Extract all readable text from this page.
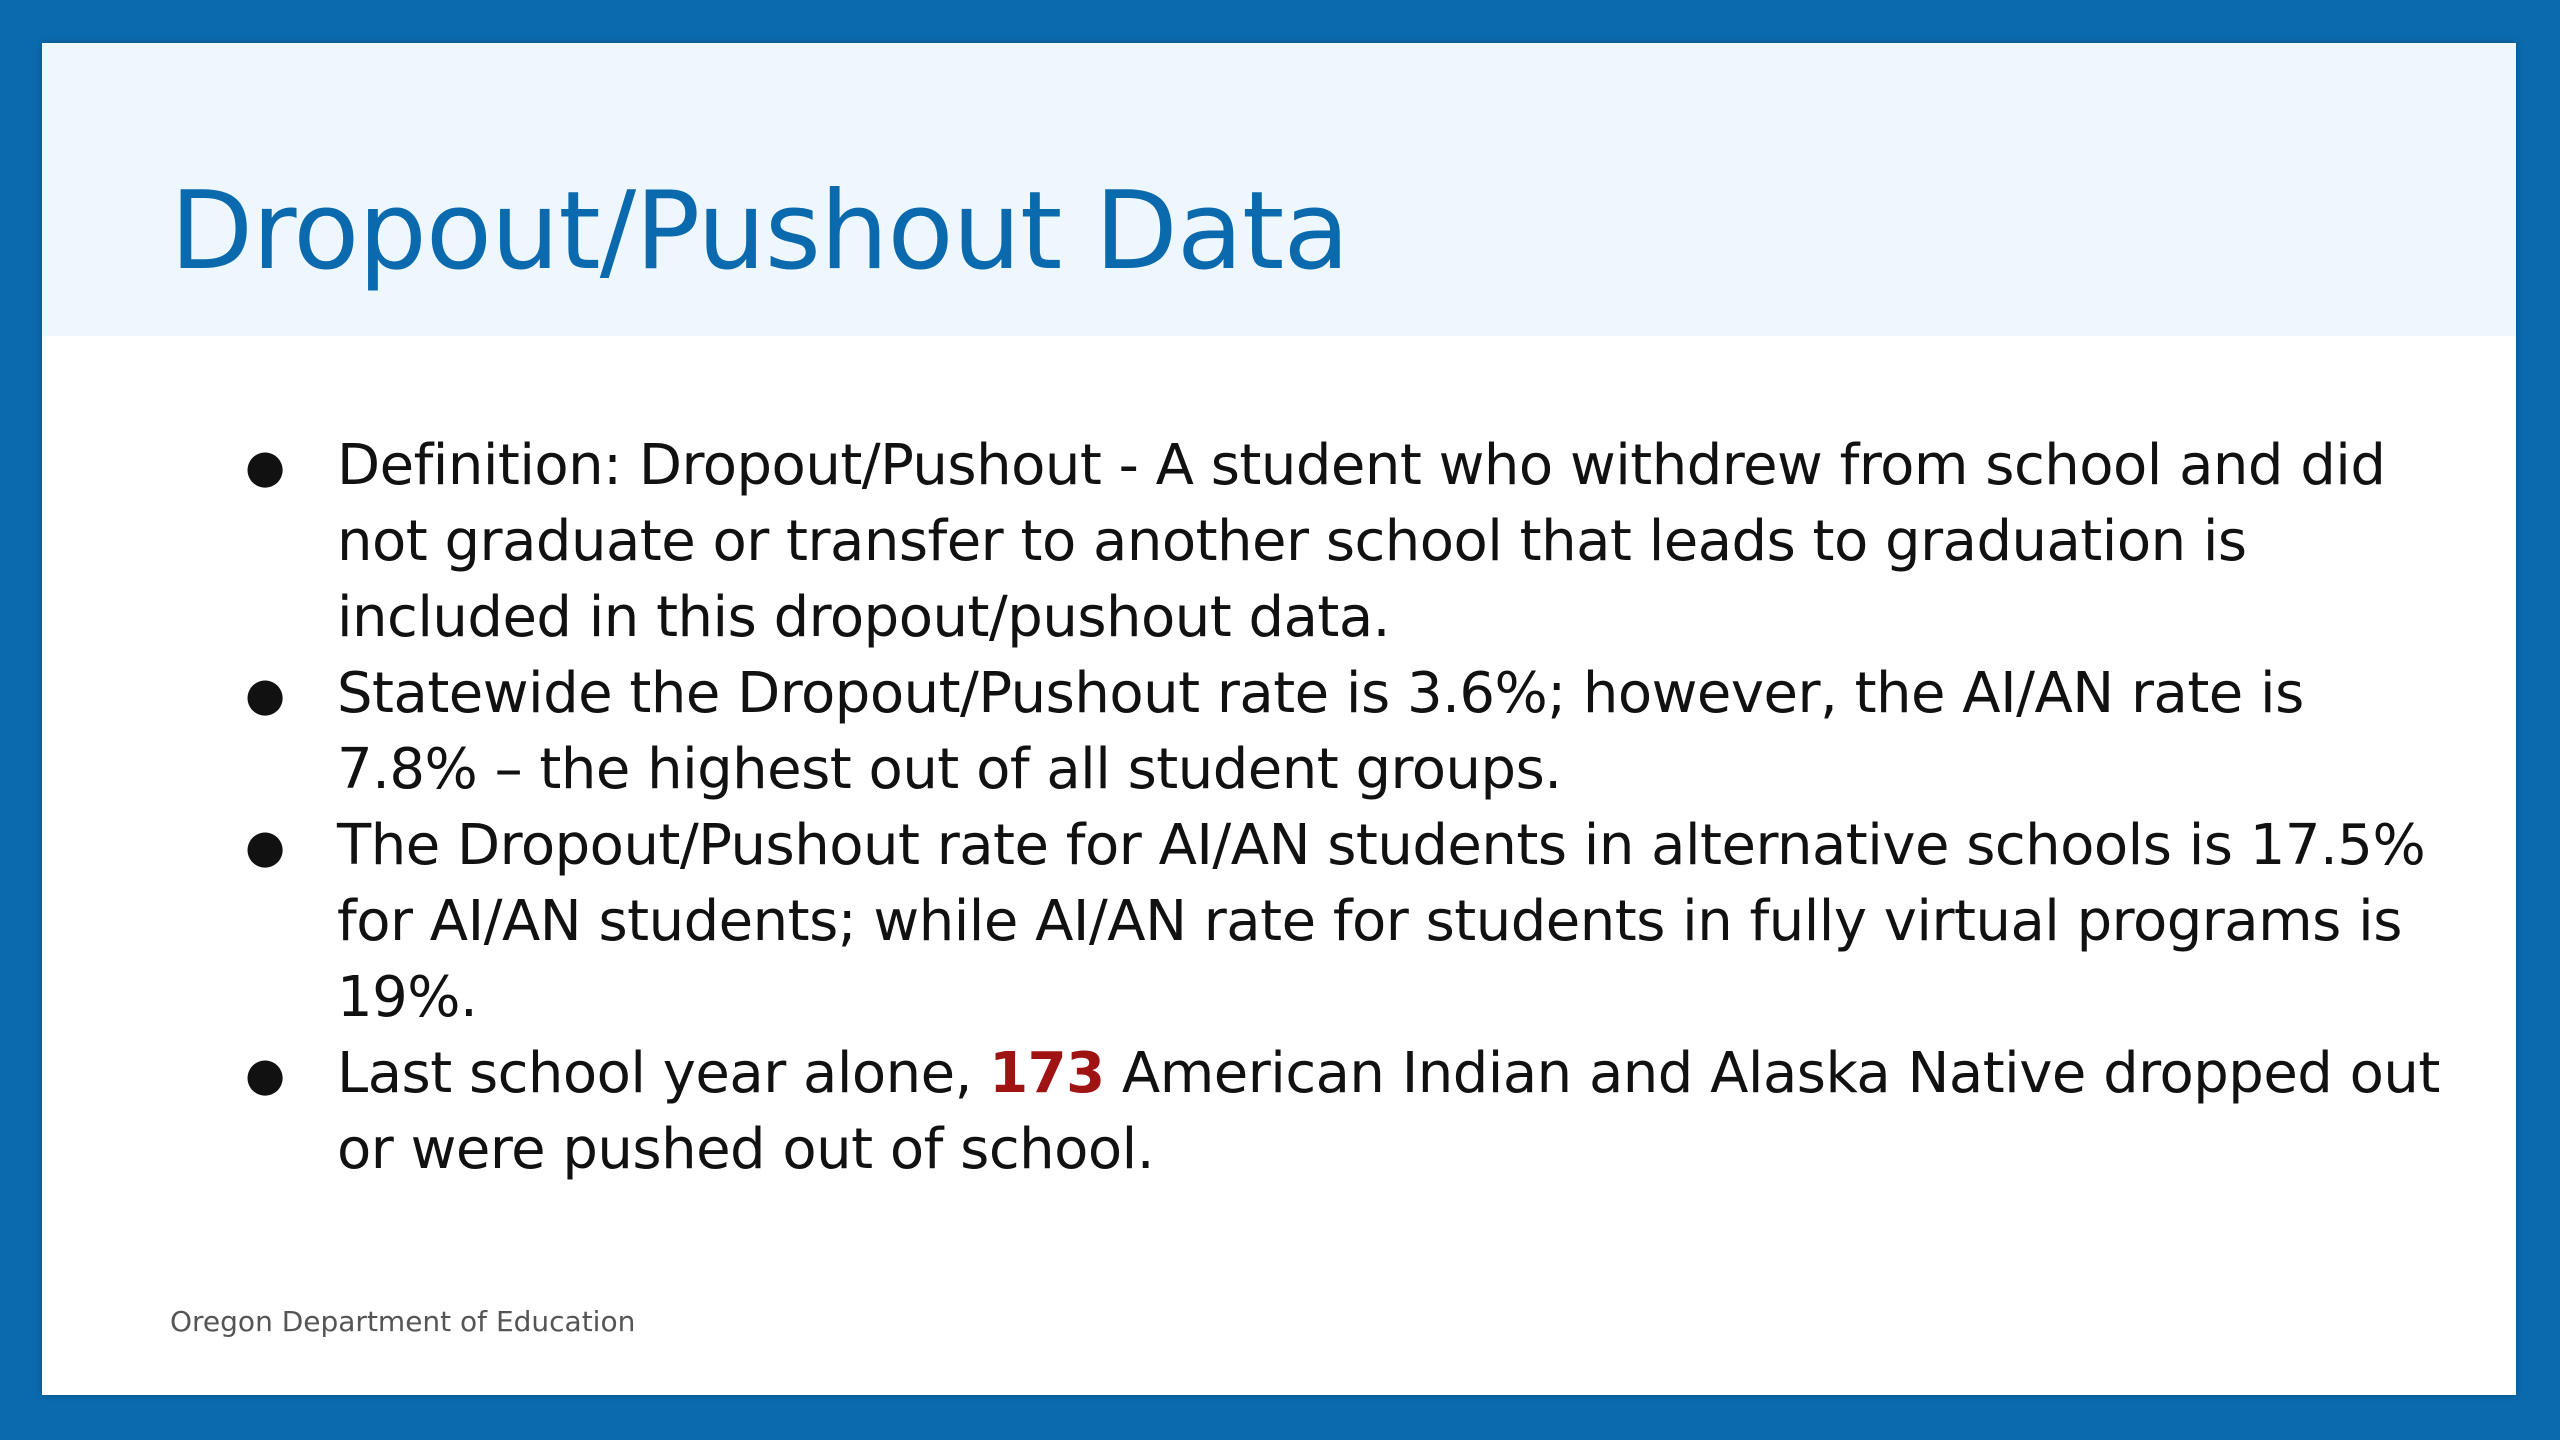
Dropout/Pushout Data
● Definition: Dropout/Pushout - A student who withdrew from school and did not graduate or transfer to another school that leads to graduation is included in this dropout/pushout data.
● Statewide the Dropout/Pushout rate is 3.6%; however, the AI/AN rate is 7.8% – the highest out of all student groups.
● The Dropout/Pushout rate for AI/AN students in alternative schools is 17.5% for AI/AN students; while AI/AN rate for students in fully virtual programs is 19%.
● Last school year alone, 173 American Indian and Alaska Native dropped out or were pushed out of school.
Oregon Department of Education
